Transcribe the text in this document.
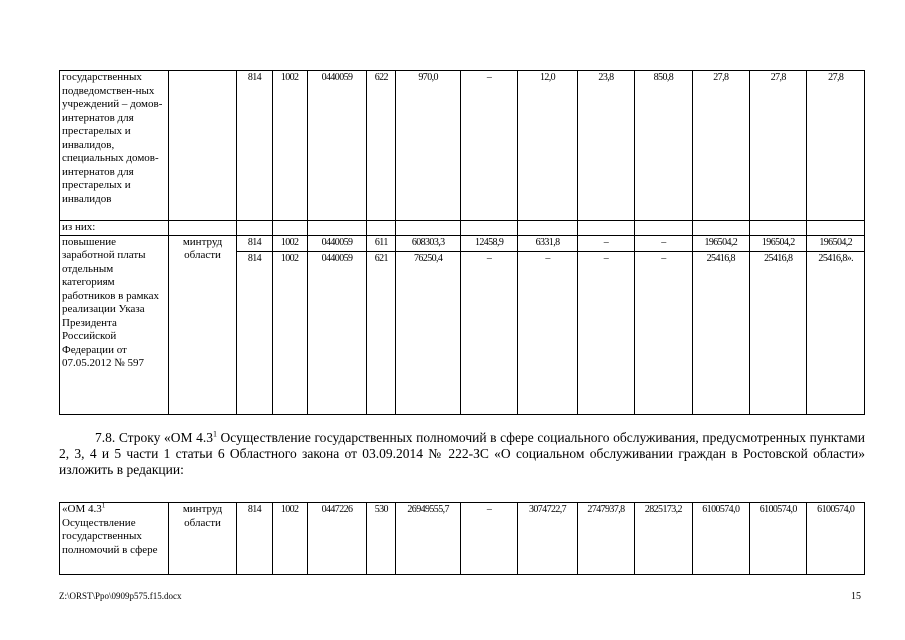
государственных подведомствен-ных учреждений – домов-интернатов для престарелых и инвалидов, специальных домов-интернатов для престарелых и инвалидов		814	1002	0440059	622	970,0	–	12,0	23,8	850,8	27,8	27,8	27,8
из них:													
повышение заработной платы отдельным категориям работников в рамках реализации Указа Президента Российской Федерации от 07.05.2012 № 597	минтруд области	814	1002	0440059	611	608303,3	12458,9	6331,8	–	–	196504,2	196504,2	196504,2
		814	1002	0440059	621	76250,4	–	–	–	–	25416,8	25416,8	25416,8».

7.8. Строку «ОМ $4.3^1$ Осуществление государственных полномочий в сфере социального обслуживания, предусмотренных пунктами 2, 3, 4 и 5 части 1 статьи 6 Областного закона от 03.09.2014 № 222-ЗС «О социальном обслуживании граждан в Ростовской области» изложить в редакции:

«ОМ $4.3^1$ Осуществление государственных полномочий в сфере	минтруд области	814	1002	0447226	530	26949555,7	–	3074722,7	2747937,8	2825173,2	6100574,0	6100574,0	6100574,0
Z:\ORST\Ppo\0909p575.f15.docx	15
